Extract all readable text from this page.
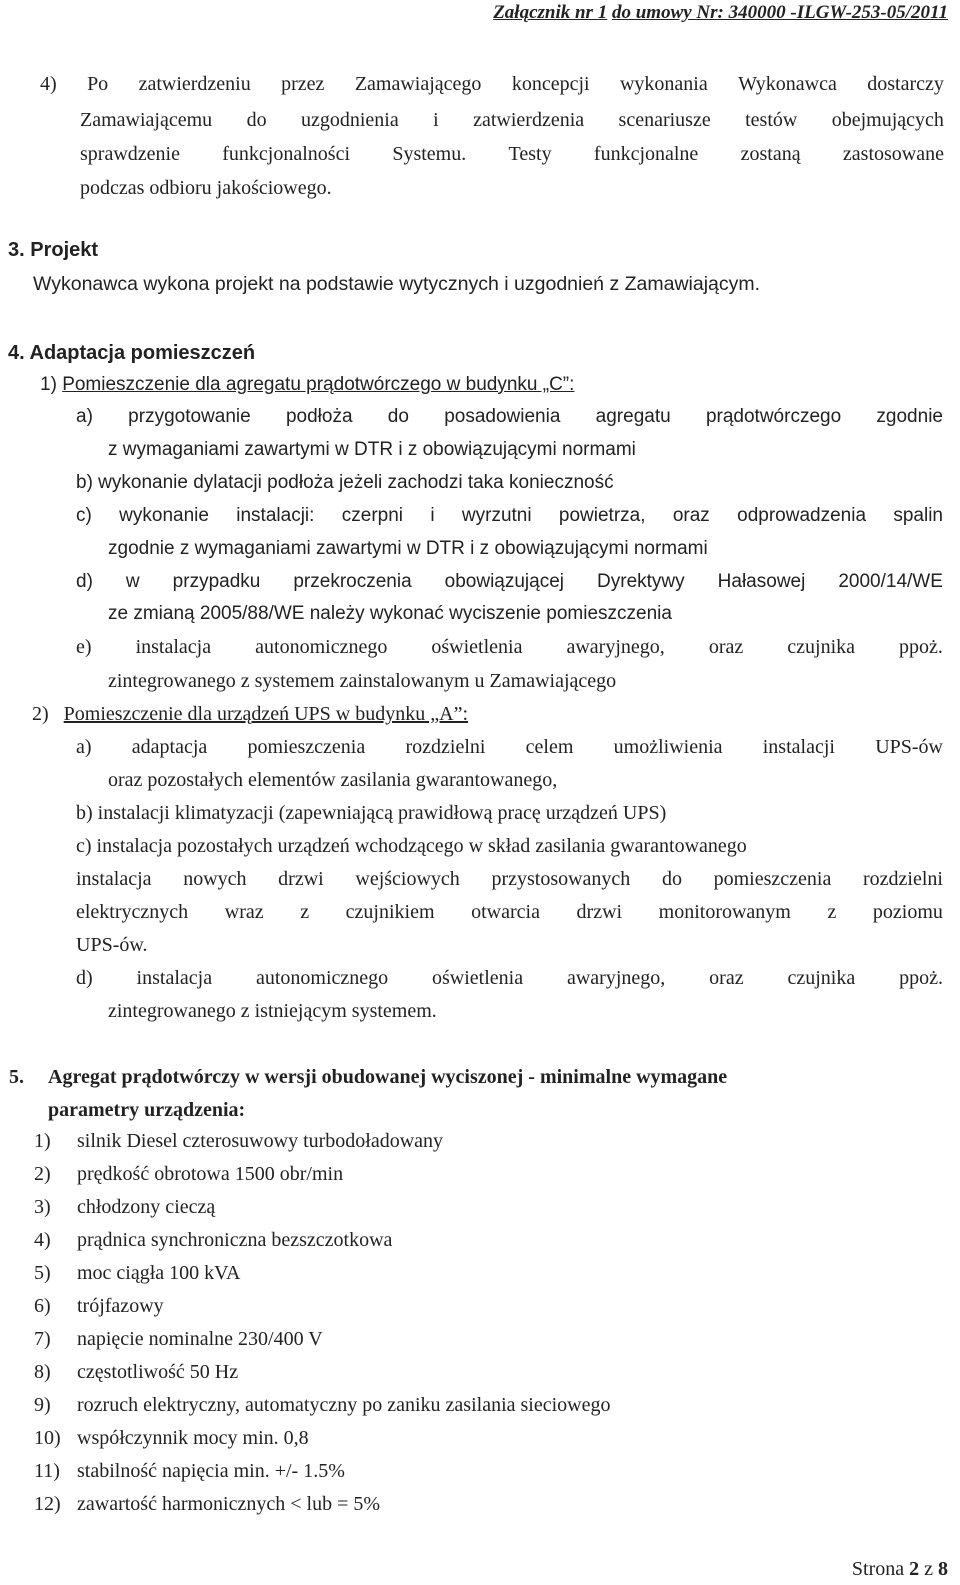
Załącznik nr 1 do umowy Nr: 340000 -ILGW-253-05/2011
4) Po zatwierdzeniu przez Zamawiającego koncepcji wykonania Wykonawca dostarczy
Zamawiającemu do uzgodnienia i zatwierdzenia scenariusze testów obejmujących
sprawdzenie funkcjonalności Systemu. Testy funkcjonalne zostaną zastosowane
podczas odbioru jakościowego.
3. Projekt
Wykonawca wykona projekt na podstawie wytycznych i uzgodnień z Zamawiającym.
4. Adaptacja pomieszczeń
1) Pomieszczenie dla agregatu prądotwórczego w budynku „C”:
a) przygotowanie podłoża do posadowienia agregatu prądotwórczego zgodnie
z wymaganiami zawartymi w DTR i z obowiązującymi normami
b) wykonanie dylatacji podłoża jeżeli zachodzi taka konieczność
c) wykonanie instalacji: czerpni i wyrzutni powietrza, oraz odprowadzenia spalin
zgodnie z wymaganiami zawartymi w DTR i z obowiązującymi normami
d) w przypadku przekroczenia obowiązującej Dyrektywy Hałasowej 2000/14/WE
ze zmianą 2005/88/WE należy wykonać wyciszenie pomieszczenia
e) instalacja autonomicznego oświetlenia awaryjnego, oraz czujnika ppoż.
zintegrowanego z systemem zainstalowanym u Zamawiającego
2) Pomieszczenie dla urządzeń UPS w budynku „A”:
a) adaptacja pomieszczenia rozdzielni celem umożliwienia instalacji UPS-ów
oraz pozostałych elementów zasilania gwarantowanego,
b) instalacji klimatyzacji (zapewniającą prawidłową pracę urządzeń UPS)
c) instalacja pozostałych urządzeń wchodzącego w skład zasilania gwarantowanego
instalacja nowych drzwi wejściowych przystosowanych do pomieszczenia rozdzielni
elektrycznych wraz z czujnikiem otwarcia drzwi monitorowanym z poziomu
UPS-ów.
d) instalacja autonomicznego oświetlenia awaryjnego, oraz czujnika ppoż.
zintegrowanego z istniejącym systemem.
5. Agregat prądotwórczy w wersji obudowanej wyciszonej - minimalne wymagane
parametry urządzenia:
1) silnik Diesel czterosuwowy turbodoładowany
2) prędkość obrotowa 1500 obr/min
3) chłodzony cieczą
4) prądnica synchroniczna bezszczotkowa
5) moc ciągła 100 kVA
6) trójfazowy
7) napięcie nominalne 230/400 V
8) częstotliwość 50 Hz
9) rozruch elektryczny, automatyczny po zaniku zasilania sieciowego
10) współczynnik mocy min. 0,8
11) stabilność napięcia min. +/- 1.5%
12) zawartość harmonicznych < lub = 5%
Strona 2 z 8
